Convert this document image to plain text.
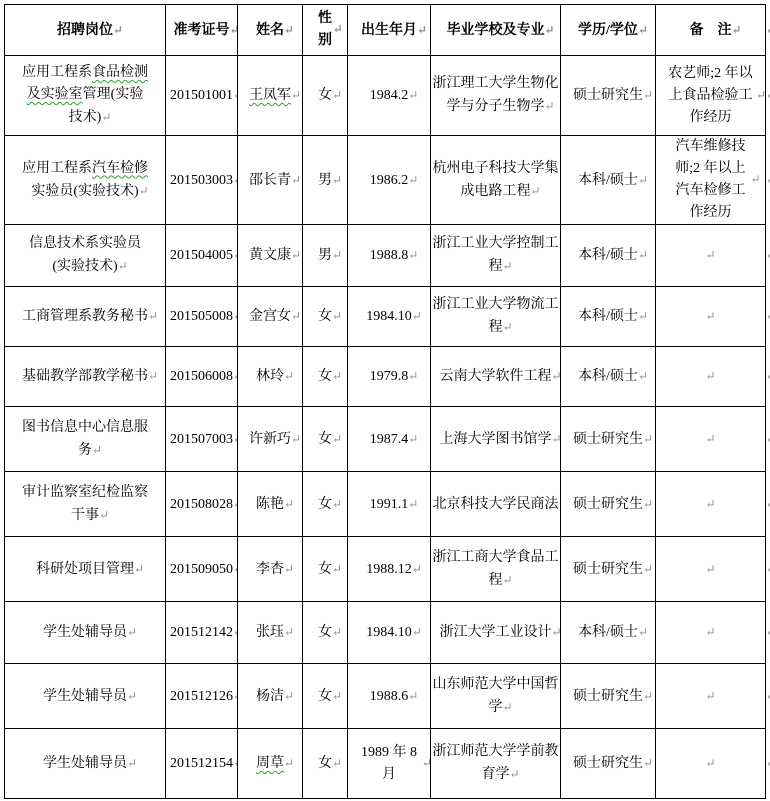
招聘岗位	准考证号	姓名	性别	出生年月	毕业学校及专业	学历/学位	备　注	↵
应用工程系食品检测及实验室管理(实验技术)	201501001	王凤军	女	1984.2	浙江理工大学生物化学与分子生物学	硕士研究生	农艺师;2 年以上食品检验工作经历	↵
应用工程系汽车检修实验员(实验技术)	201503003	邵长青	男	1986.2	杭州电子科技大学集成电路工程	本科/硕士	汽车维修技师;2 年以上汽车检修工作经历	↵
信息技术系实验员(实验技术)	201504005	黄文康	男	1988.8	浙江工业大学控制工程	本科/硕士	↵	↵
工商管理系教务秘书	201505008	金宫女	女	1984.10	浙江工业大学物流工程	本科/硕士	↵	↵
基础教学部教学秘书	201506008	林玲	女	1979.8	云南大学软件工程	本科/硕士	↵	↵
图书信息中心信息服务	201507003	许新巧	女	1987.4	上海大学图书馆学	硕士研究生	↵	↵
审计监察室纪检监察干事	201508028	陈艳	女	1991.1	北京科技大学民商法	硕士研究生	↵	↵
科研处项目管理	201509050	李杏	女	1988.12	浙江工商大学食品工程	硕士研究生	↵	↵
学生处辅导员	201512142	张珏	女	1984.10	浙江大学工业设计	本科/硕士	↵	↵
学生处辅导员	201512126	杨洁	女	1988.6	山东师范大学中国哲学	硕士研究生	↵	↵
学生处辅导员	201512154	周草	女	1989 年 8 月	浙江师范大学学前教育学	硕士研究生	↵	↵
